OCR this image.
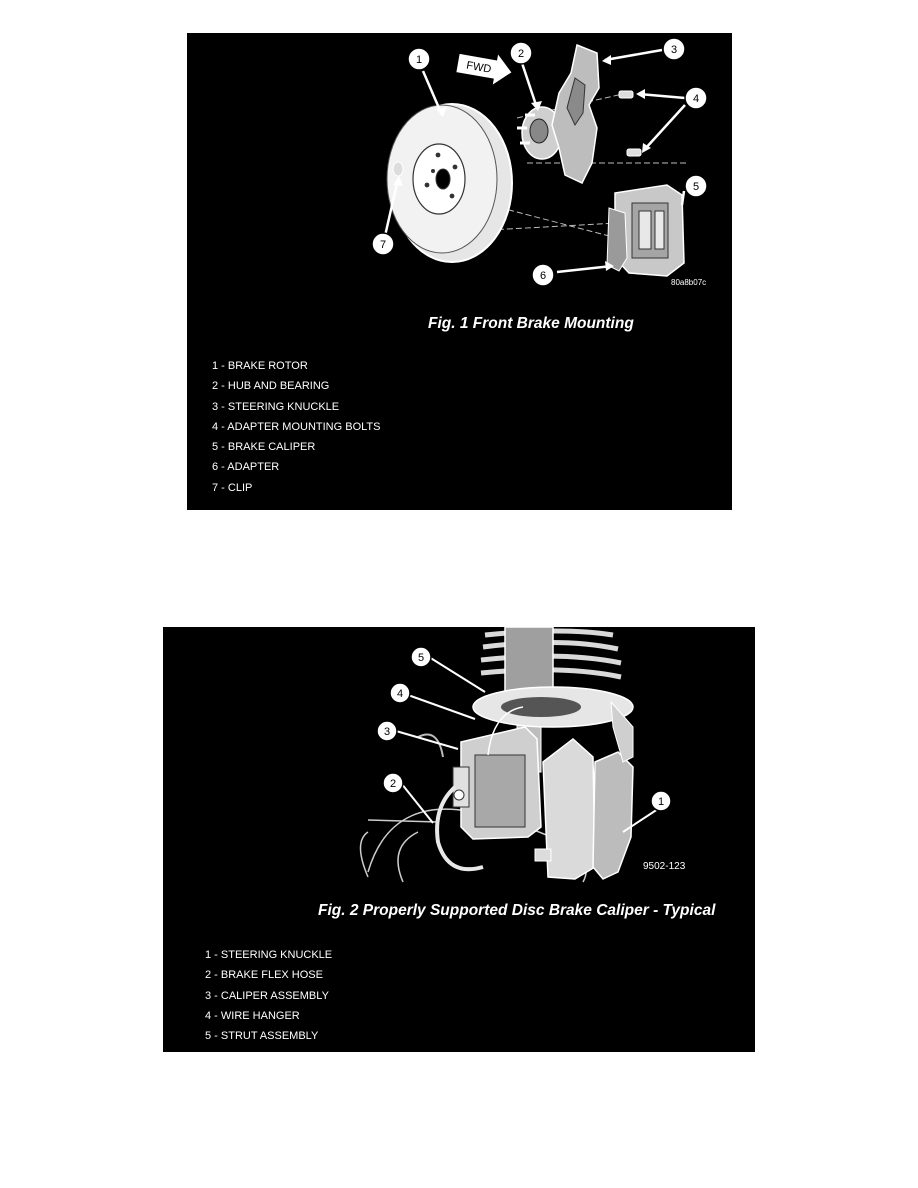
FWD
1	2	3
4
5
6
7
80a8b07c

Fig. 1 Front Brake Mounting

1 - BRAKE ROTOR
2 - HUB AND BEARING
3 - STEERING KNUCKLE
4 - ADAPTER MOUNTING BOLTS
5 - BRAKE CALIPER
6 - ADAPTER
7 - CLIP
5
4
3
2
1
9502-123

Fig. 2 Properly Supported Disc Brake Caliper - Typical

1 - STEERING KNUCKLE
2 - BRAKE FLEX HOSE
3 - CALIPER ASSEMBLY
4 - WIRE HANGER
5 - STRUT ASSEMBLY
